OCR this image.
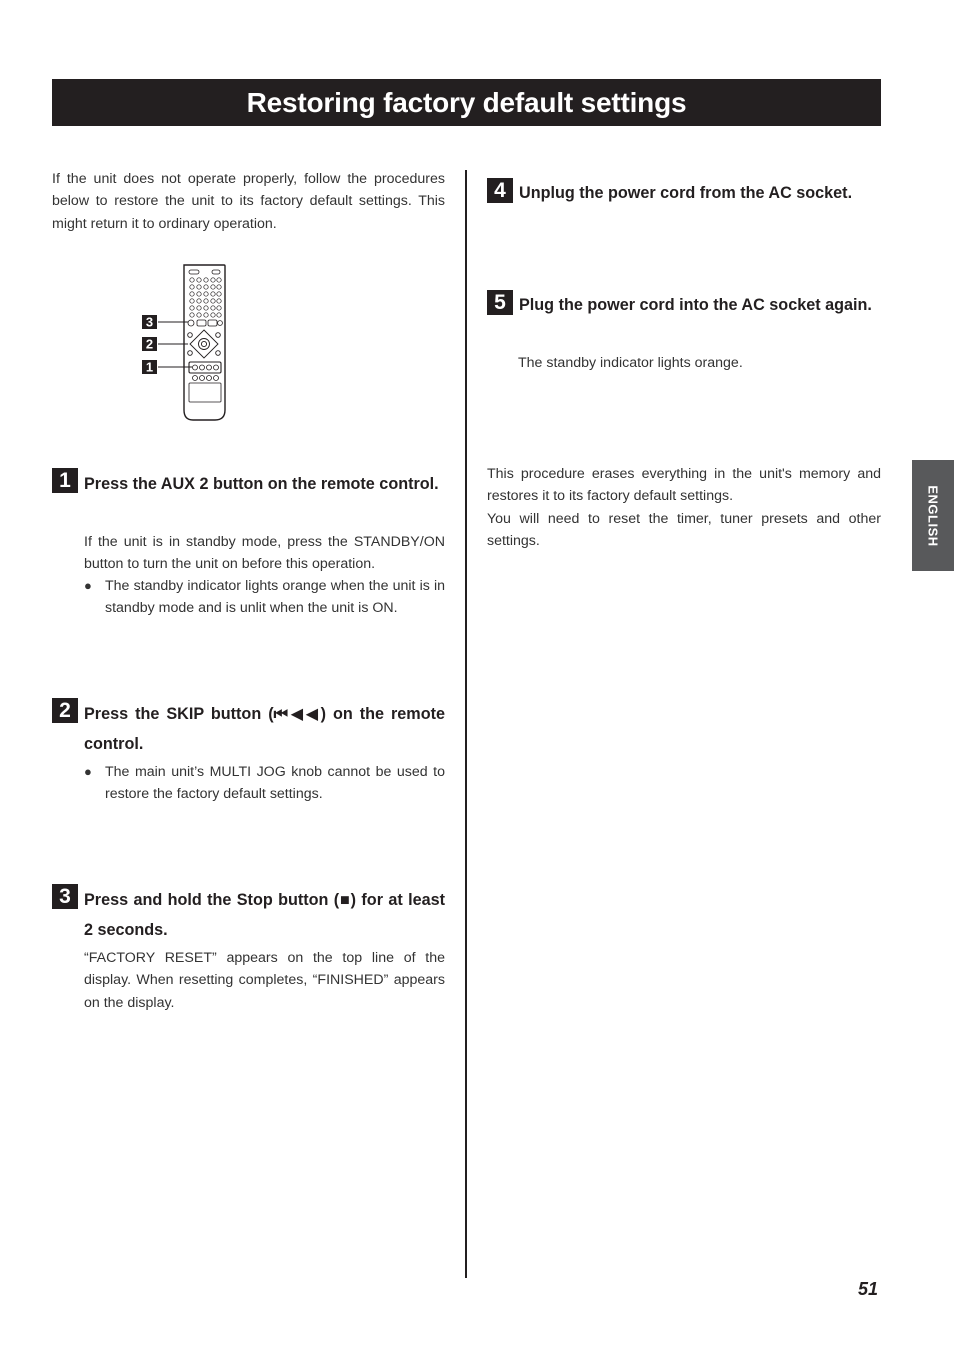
Restoring factory default settings

If the unit does not operate properly, follow the procedures below to restore the unit to its factory default settings. This might return it to ordinary operation.

3
2
1
1 Press the AUX 2 button on the remote control.

If the unit is in standby mode, press the STANDBY/ON button to turn the unit on before this operation.

● The standby indicator lights orange when the unit is in standby mode and is unlit when the unit is ON.
2 Press the SKIP button (⏮◀◀) on the remote control.

● The main unit’s MULTI JOG knob cannot be used to restore the factory default settings.
3 Press and hold the Stop button (■) for at least 2 seconds.

“FACTORY RESET” appears on the top line of the display. When resetting completes, “FINISHED” appears on the display.

4 Unplug the power cord from the AC socket.

5 Plug the power cord into the AC socket again.

The standby indicator lights orange.

This procedure erases everything in the unit's memory and restores it to its factory default settings.

You will need to reset the timer, tuner presets and other settings.	ENGLISH
51
